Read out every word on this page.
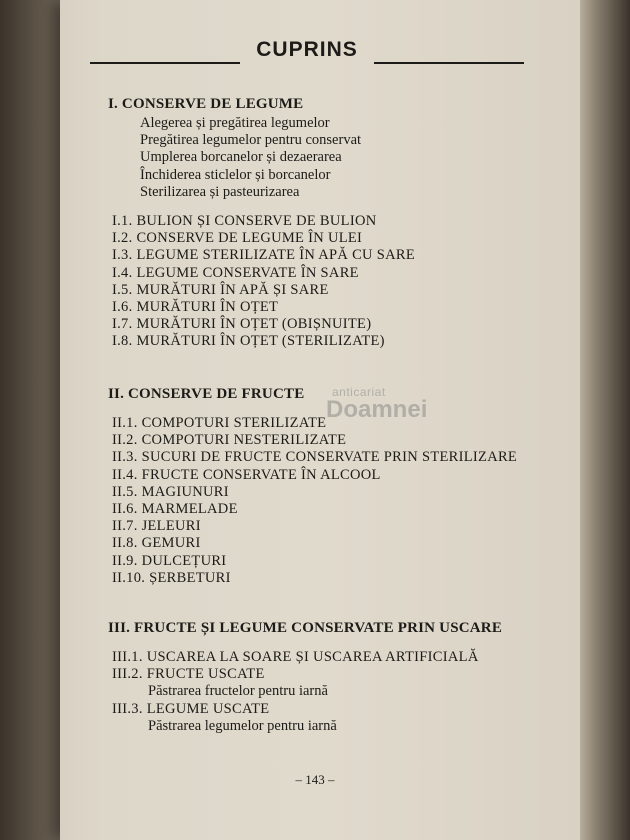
CUPRINS
I. CONSERVE DE LEGUME
Alegerea și pregătirea legumelor
Pregătirea legumelor pentru conservat
Umplerea borcanelor și dezaerarea
Închiderea sticlelor și borcanelor
Sterilizarea și pasteurizarea
I.1. BULION ȘI CONSERVE DE BULION
I.2. CONSERVE DE LEGUME ÎN ULEI
I.3. LEGUME STERILIZATE ÎN APĂ CU SARE
I.4. LEGUME CONSERVATE ÎN SARE
I.5. MURĂTURI ÎN APĂ ȘI SARE
I.6. MURĂTURI ÎN OȚET
I.7. MURĂTURI ÎN OȚET (OBIȘNUITE)
I.8. MURĂTURI ÎN OȚET (STERILIZATE)
anticariat
Doamnei
II. CONSERVE DE FRUCTE
II.1. COMPOTURI STERILIZATE
II.2. COMPOTURI NESTERILIZATE
II.3. SUCURI DE FRUCTE CONSERVATE PRIN STERILIZARE
II.4. FRUCTE CONSERVATE ÎN ALCOOL
II.5. MAGIUNURI
II.6. MARMELADE
II.7. JELEURI
II.8. GEMURI
II.9. DULCEȚURI
II.10. ȘERBETURI
III. FRUCTE ȘI LEGUME CONSERVATE PRIN USCARE
III.1. USCAREA LA SOARE ȘI USCAREA ARTIFICIALĂ
III.2. FRUCTE USCATE
Păstrarea fructelor pentru iarnă
III.3. LEGUME USCATE
Păstrarea legumelor pentru iarnă
– 143 –
